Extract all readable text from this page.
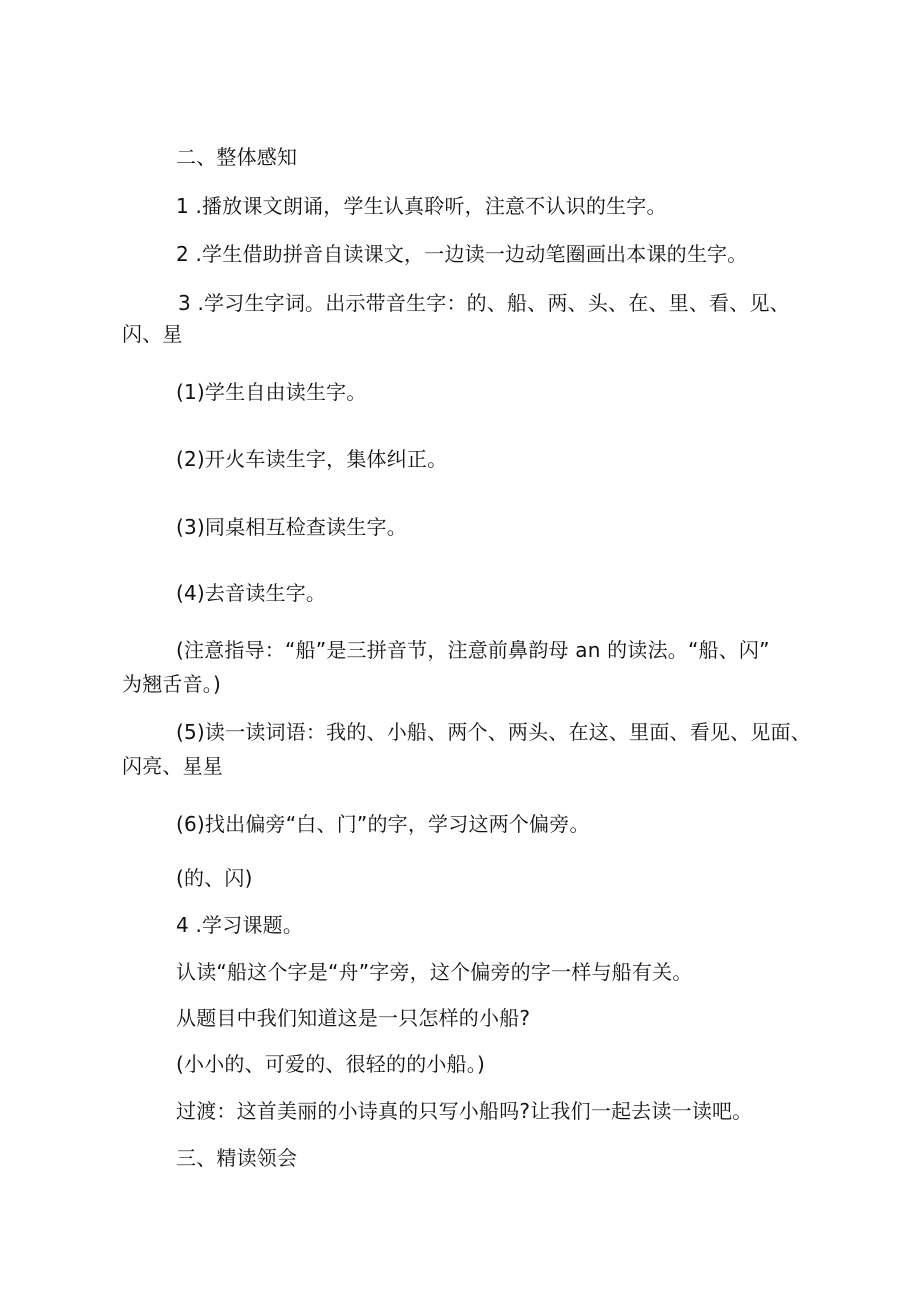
二、整体感知
1 .播放课文朗诵，学生认真聆听，注意不认识的生字。
2 .学生借助拼音自读课文，一边读一边动笔圈画出本课的生字。
3 .学习生字词。出示带音生字：的、船、两、头、在、里、看、见、
闪、星
(1)学生自由读生字。
(2)开火车读生字，集体纠正。
(3)同桌相互检查读生字。
(4)去音读生字。
(注意指导：“船”是三拼音节，注意前鼻韵母 an 的读法。“船、闪”
为翘舌音。)
(5)读一读词语：我的、小船、两个、两头、在这、里面、看见、见面、
闪亮、星星
(6)找出偏旁“白、门”的字，学习这两个偏旁。
(的、闪)
4 .学习课题。
认读“船这个字是“舟”字旁，这个偏旁的字一样与船有关。
从题目中我们知道这是一只怎样的小船?
(小小的、可爱的、很轻的的小船。)
过渡：这首美丽的小诗真的只写小船吗?让我们一起去读一读吧。
三、精读领会
